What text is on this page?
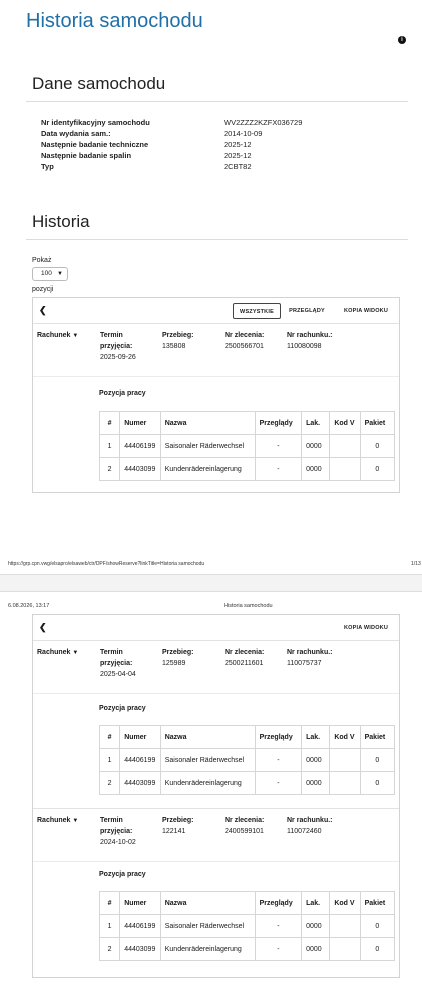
Historia samochodu
i
Dane samochodu
Nr identyfikacyjny samochodu	WV2ZZZ2KZFX036729
Data wydania sam.:	2014-10-09
Następnie badanie techniczne	2025-12
Następnie badanie spalin	2025-12
Typ	2CBT82
Historia
Pokaż
100 ▼
pozycji
❮	WSZYSTKIE	PRZEGLĄDY	KOPIA WIDOKU
Rachunek ▼	Termin przyjęcia:
2025-09-26
Przebieg:
135808
Nr zlecenia:
2500566701
Nr rachunku.:
110080098
Pozycja pracy
#	Numer	Nazwa	Przeglądy	Lak.	Kod V	Pakiet
1	44406199	Saisonaler Räderwechsel	-	0000		0
2	44403099	Kundenrädereinlagerung	-	0000		0
https://grp.cpn.vwg/elsapro/elsaweb/ctr/DPF/showReserve?linkTitle=Historia samochodu	1/13
6.08.2026, 13:17	Historia samochodu
❮	KOPIA WIDOKU
Rachunek ▼	Termin przyjęcia:
2025-04-04
Przebieg:
125989
Nr zlecenia:
2500211601
Nr rachunku.:
110075737
Pozycja pracy
#	Numer	Nazwa	Przeglądy	Lak.	Kod V	Pakiet
1	44406199	Saisonaler Räderwechsel	-	0000		0
2	44403099	Kundenrädereinlagerung	-	0000		0
Rachunek ▼	Termin przyjęcia:
2024-10-02
Przebieg:
122141
Nr zlecenia:
2400599101
Nr rachunku.:
110072460
Pozycja pracy
#	Numer	Nazwa	Przeglądy	Lak.	Kod V	Pakiet
1	44406199	Saisonaler Räderwechsel	-	0000		0
2	44403099	Kundenrädereinlagerung	-	0000		0
